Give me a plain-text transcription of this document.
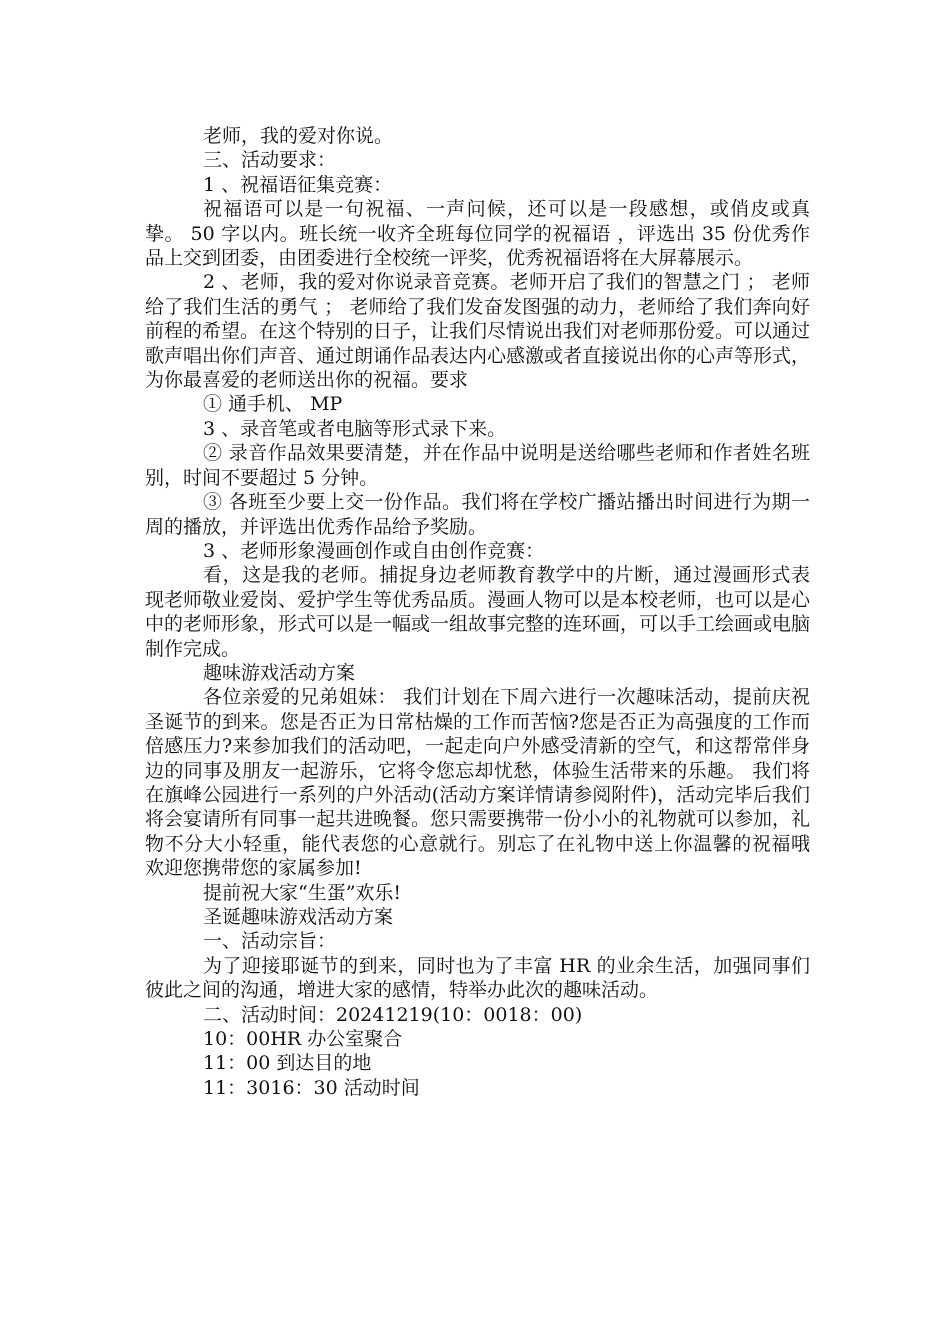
老师，我的爱对你说。

三、活动要求：

1 、祝福语征集竞赛：

祝福语可以是一句祝福、一声问候，还可以是一段感想，或俏皮或真挚。 50 字以内。班长统一收齐全班每位同学的祝福语 ，评选出 35 份优秀作品上交到团委，由团委进行全校统一评奖，优秀祝福语将在大屏幕展示。

2 、老师，我的爱对你说录音竞赛。老师开启了我们的智慧之门 ； 老师给了我们生活的勇气 ； 老师给了我们发奋发图强的动力，老师给了我们奔向好前程的希望。在这个特别的日子，让我们尽情说出我们对老师那份爱。可以通过歌声唱出你们声音、通过朗诵作品表达内心感激或者直接说出你的心声等形式，为你最喜爱的老师送出你的祝福。要求

① 通手机、 MP

3 、录音笔或者电脑等形式录下来。

② 录音作品效果要清楚，并在作品中说明是送给哪些老师和作者姓名班别，时间不要超过 5 分钟。

③ 各班至少要上交一份作品。我们将在学校广播站播出时间进行为期一周的播放，并评选出优秀作品给予奖励。

3 、老师形象漫画创作或自由创作竞赛：

看，这是我的老师。捕捉身边老师教育教学中的片断，通过漫画形式表现老师敬业爱岗、爱护学生等优秀品质。漫画人物可以是本校老师，也可以是心中的老师形象，形式可以是一幅或一组故事完整的连环画，可以手工绘画或电脑制作完成。

趣味游戏活动方案

各位亲爱的兄弟姐妹： 我们计划在下周六进行一次趣味活动，提前庆祝圣诞节的到来。您是否正为日常枯燥的工作而苦恼?您是否正为高强度的工作而倍感压力?来参加我们的活动吧，一起走向户外感受清新的空气，和这帮常伴身边的同事及朋友一起游乐，它将令您忘却忧愁，体验生活带来的乐趣。 我们将在旗峰公园进行一系列的户外活动(活动方案详情请参阅附件)，活动完毕后我们将会宴请所有同事一起共进晚餐。您只需要携带一份小小的礼物就可以参加，礼物不分大小轻重，能代表您的心意就行。别忘了在礼物中送上你温馨的祝福哦 欢迎您携带您的家属参加!

提前祝大家“生蛋”欢乐!

圣诞趣味游戏活动方案

一、活动宗旨：

为了迎接耶诞节的到来，同时也为了丰富 HR 的业余生活，加强同事们彼此之间的沟通，增进大家的感情，特举办此次的趣味活动。

二、活动时间：20241219(10：0018：00)

10：00HR 办公室聚合

11：00 到达目的地

11：3016：30 活动时间
